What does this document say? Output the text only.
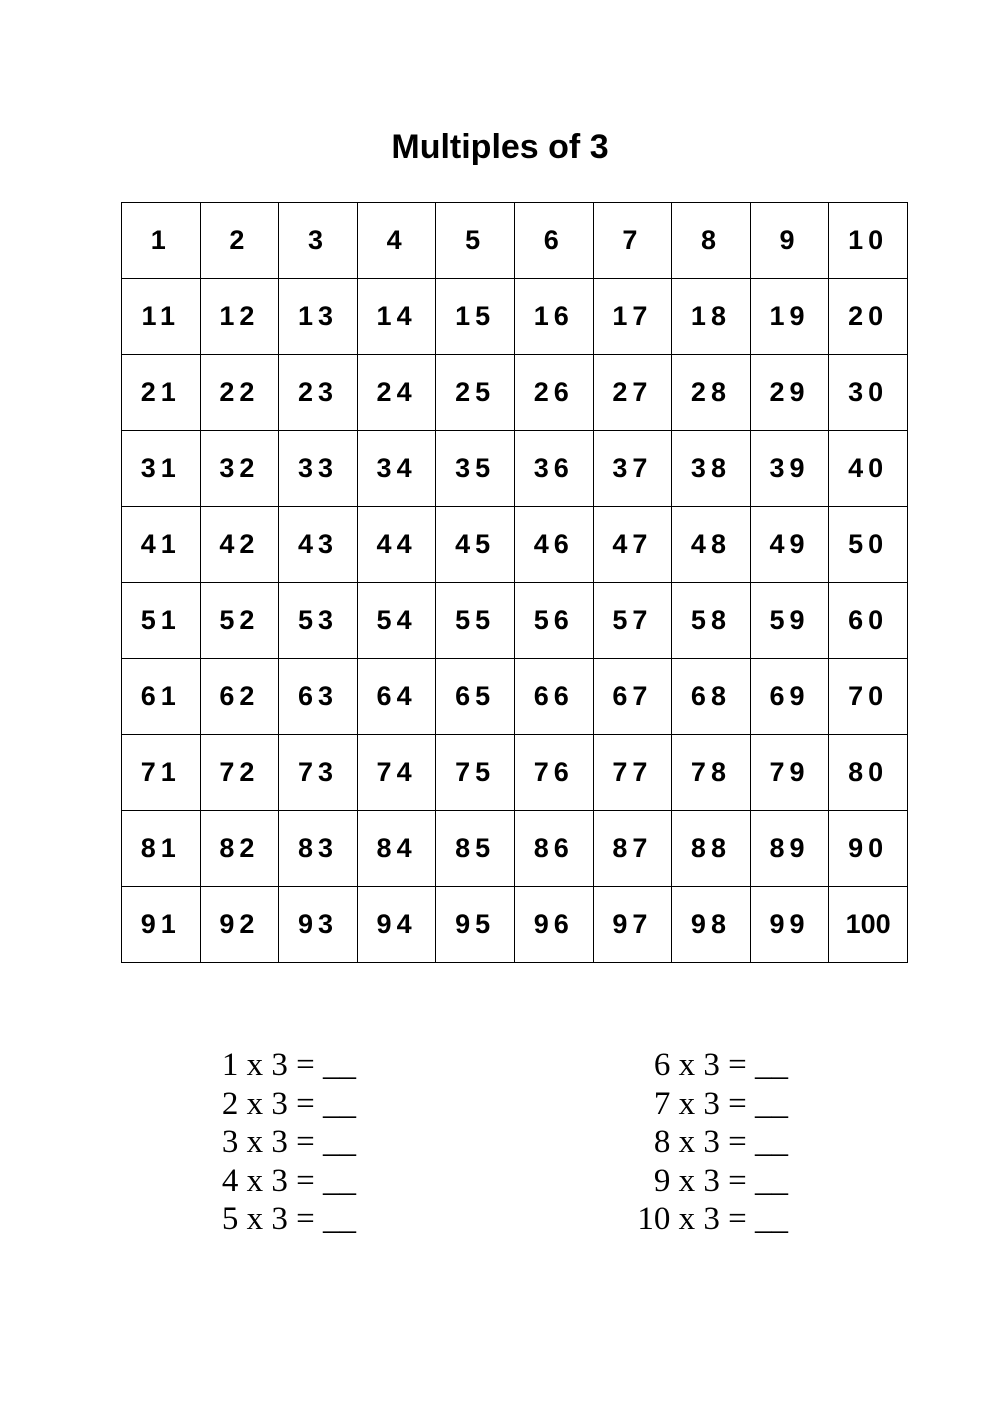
Multiples of 3
1	2	3	4	5	6	7	8	9	10
11	12	13	14	15	16	17	18	19	20
21	22	23	24	25	26	27	28	29	30
31	32	33	34	35	36	37	38	39	40
41	42	43	44	45	46	47	48	49	50
51	52	53	54	55	56	57	58	59	60
61	62	63	64	65	66	67	68	69	70
71	72	73	74	75	76	77	78	79	80
81	82	83	84	85	86	87	88	89	90
91	92	93	94	95	96	97	98	99	100
1 x 3 = __
2 x 3 = __
3 x 3 = __
4 x 3 = __
5 x 3 = __
6 x 3 = __
7 x 3 = __
8 x 3 = __
9 x 3 = __
10 x 3 = __
